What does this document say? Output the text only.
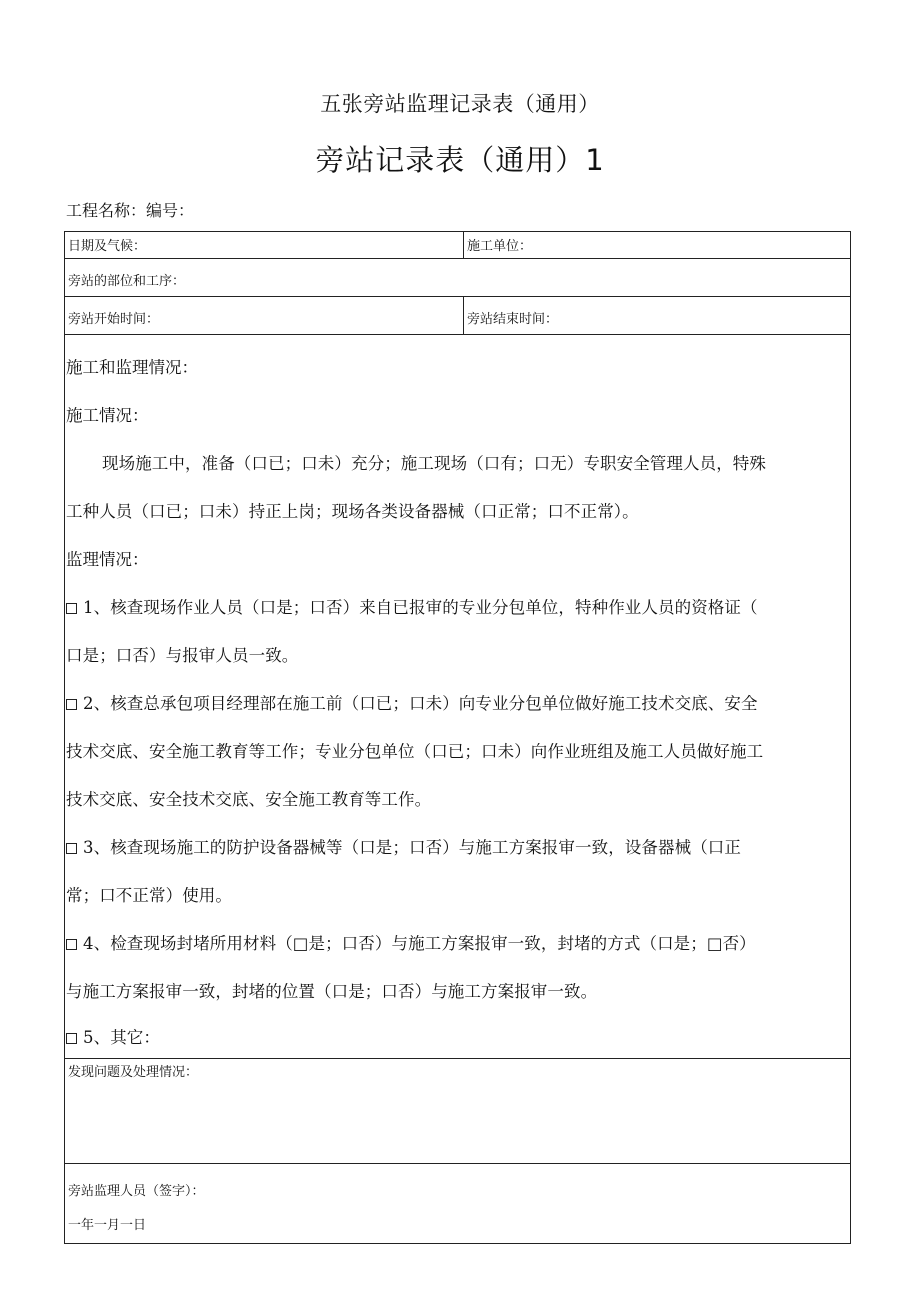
五张旁站监理记录表（通用）
旁站记录表（通用）1
工程名称：编号：
日期及气候：	施工单位：
旁站的部位和工序：
旁站开始时间：	旁站结束时间：

施工和监理情况：

施工情况：

现场施工中，准备（口已；口未）充分；施工现场（口有；口无）专职安全管理人员，特殊

工种人员（口已；口未）持正上岗；现场各类设备器械（口正常；口不正常）。

监理情况：

1、核查现场作业人员（口是；口否）来自已报审的专业分包单位，特种作业人员的资格证（

口是；口否）与报审人员一致。

2、核查总承包项目经理部在施工前（口已；口未）向专业分包单位做好施工技术交底、安全

技术交底、安全施工教育等工作；专业分包单位（口已；口未）向作业班组及施工人员做好施工

技术交底、安全技术交底、安全施工教育等工作。

3、核查现场施工的防护设备器械等（口是；口否）与施工方案报审一致，设备器械（口正

常；口不正常）使用。

4、检查现场封堵所用材料（□是；口否）与施工方案报审一致，封堵的方式（口是；□否）

与施工方案报审一致，封堵的位置（口是；口否）与施工方案报审一致。

5、其它：

发现问题及处理情况：
旁站监理人员（签字）：
一年一月一日
